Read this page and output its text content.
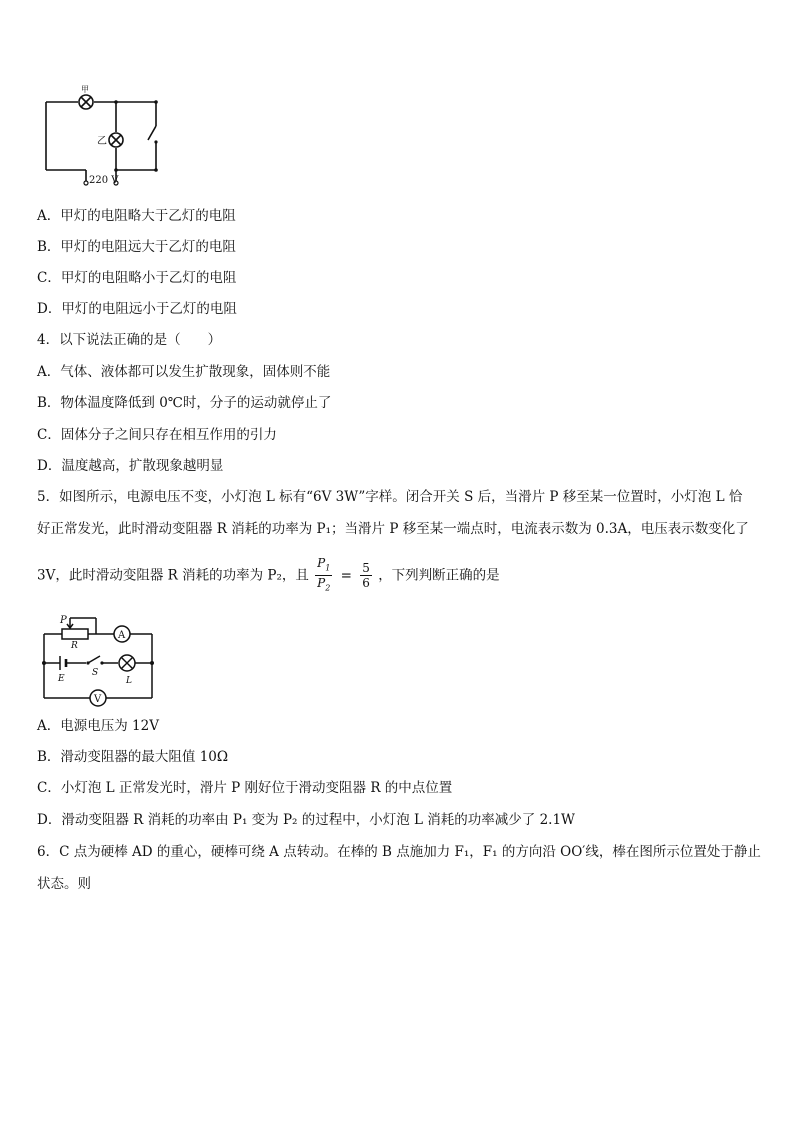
甲
乙
220 V
A．甲灯的电阻略大于乙灯的电阻
B．甲灯的电阻远大于乙灯的电阻
C．甲灯的电阻略小于乙灯的电阻
D．甲灯的电阻远小于乙灯的电阻
4．以下说法正确的是（　　）
A．气体、液体都可以发生扩散现象，固体则不能
B．物体温度降低到 0℃时，分子的运动就停止了
C．固体分子之间只存在相互作用的引力
D．温度越高，扩散现象越明显
5．如图所示，电源电压不变，小灯泡 L 标有“6V 3W”字样。闭合开关 S 后，当滑片 P 移至某一位置时，小灯泡 L 恰
好正常发光，此时滑动变阻器 R 消耗的功率为 P₁；当滑片 P 移至某一端点时，电流表示数为 0.3A，电压表示数变化了
3V，此时滑动变阻器 R 消耗的功率为 P₂，且 $\frac{P_1}{P_2} = \frac{5}{6}$ ，下列判断正确的是
P
R
A
E
S
L
V
A．电源电压为 12V
B．滑动变阻器的最大阻值 10Ω
C．小灯泡 L 正常发光时，滑片 P 刚好位于滑动变阻器 R 的中点位置
D．滑动变阻器 R 消耗的功率由 P₁ 变为 P₂ 的过程中，小灯泡 L 消耗的功率减少了 2.1W
6．C 点为硬棒 AD 的重心，硬棒可绕 A 点转动。在棒的 B 点施加力 F₁，F₁ 的方向沿 OO′线，棒在图所示位置处于静止
状态。则
